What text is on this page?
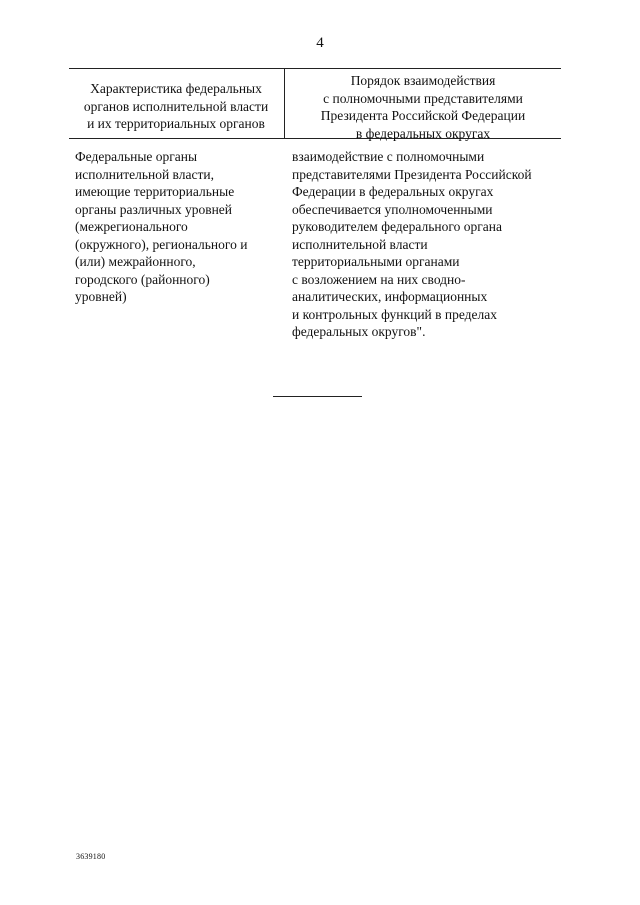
4
Характеристика федеральных
органов исполнительной власти
и их территориальных органов
Порядок взаимодействия
с полномочными представителями
Президента Российской Федерации
в федеральных округах
Федеральные органы
исполнительной власти,
имеющие территориальные
органы различных уровней
(межрегионального
(окружного), регионального и
(или) межрайонного,
городского (районного)
уровней)
взаимодействие с полномочными
представителями Президента Российской
Федерации в федеральных округах
обеспечивается уполномоченными
руководителем федерального органа
исполнительной власти
территориальными органами
с возложением на них сводно-
аналитических, информационных
и контрольных функций в пределах
федеральных округов".
3639180
